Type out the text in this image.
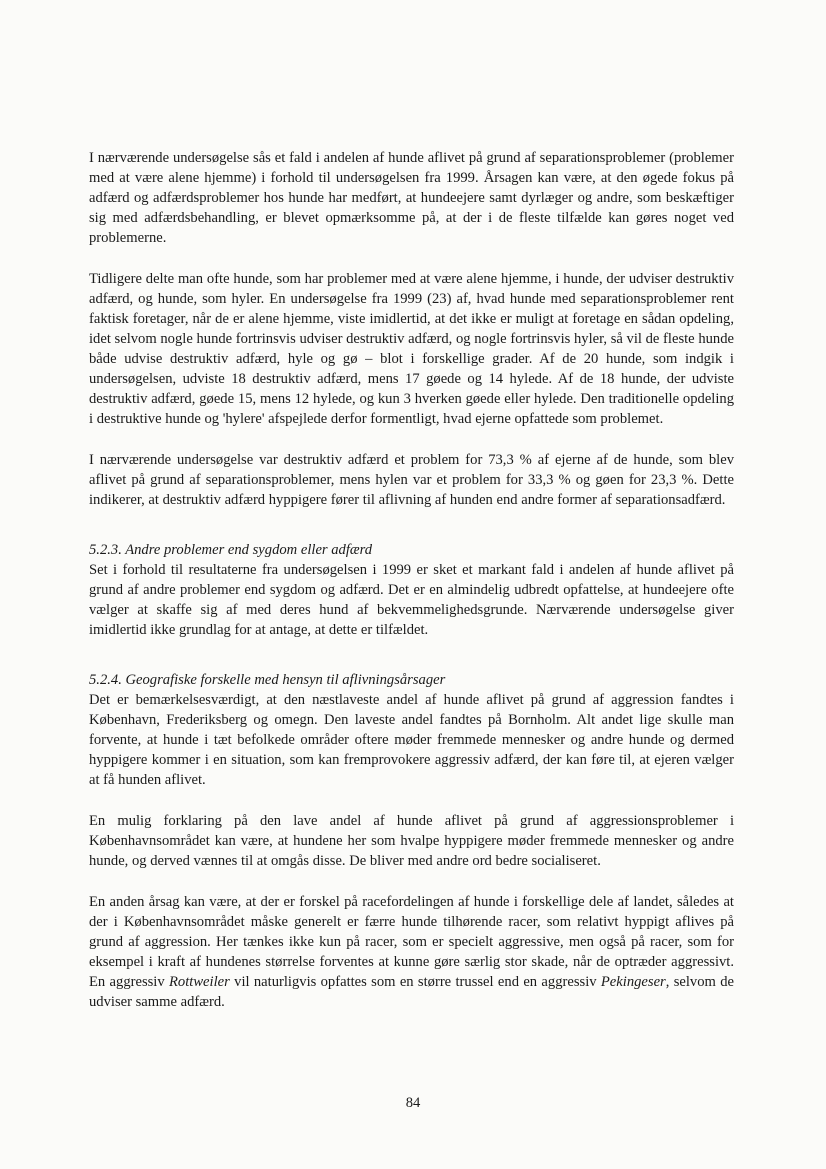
I nærværende undersøgelse sås et fald i andelen af hunde aflivet på grund af separationsproblemer (problemer med at være alene hjemme) i forhold til undersøgelsen fra 1999. Årsagen kan være, at den øgede fokus på adfærd og adfærdsproblemer hos hunde har medført, at hundeejere samt dyrlæger og andre, som beskæftiger sig med adfærdsbehandling, er blevet opmærksomme på, at der i de fleste tilfælde kan gøres noget ved problemerne.

Tidligere delte man ofte hunde, som har problemer med at være alene hjemme, i hunde, der udviser destruktiv adfærd, og hunde, som hyler. En undersøgelse fra 1999 (23) af, hvad hunde med separationsproblemer rent faktisk foretager, når de er alene hjemme, viste imidlertid, at det ikke er muligt at foretage en sådan opdeling, idet selvom nogle hunde fortrinsvis udviser destruktiv adfærd, og nogle fortrinsvis hyler, så vil de fleste hunde både udvise destruktiv adfærd, hyle og gø – blot i forskellige grader. Af de 20 hunde, som indgik i undersøgelsen, udviste 18 destruktiv adfærd, mens 17 gøede og 14 hylede. Af de 18 hunde, der udviste destruktiv adfærd, gøede 15, mens 12 hylede, og kun 3 hverken gøede eller hylede. Den traditionelle opdeling i destruktive hunde og 'hylere' afspejlede derfor formentligt, hvad ejerne opfattede som problemet.

I nærværende undersøgelse var destruktiv adfærd et problem for 73,3 % af ejerne af de hunde, som blev aflivet på grund af separationsproblemer, mens hylen var et problem for 33,3 % og gøen for 23,3 %. Dette indikerer, at destruktiv adfærd hyppigere fører til aflivning af hunden end andre former af separationsadfærd.

5.2.3. Andre problemer end sygdom eller adfærd

Set i forhold til resultaterne fra undersøgelsen i 1999 er sket et markant fald i andelen af hunde aflivet på grund af andre problemer end sygdom og adfærd. Det er en almindelig udbredt opfattelse, at hundeejere ofte vælger at skaffe sig af med deres hund af bekvemmelighedsgrunde. Nærværende undersøgelse giver imidlertid ikke grundlag for at antage, at dette er tilfældet.

5.2.4. Geografiske forskelle med hensyn til aflivningsårsager

Det er bemærkelsesværdigt, at den næstlaveste andel af hunde aflivet på grund af aggression fandtes i København, Frederiksberg og omegn. Den laveste andel fandtes på Bornholm. Alt andet lige skulle man forvente, at hunde i tæt befolkede områder oftere møder fremmede mennesker og andre hunde og dermed hyppigere kommer i en situation, som kan fremprovokere aggressiv adfærd, der kan føre til, at ejeren vælger at få hunden aflivet.

En mulig forklaring på den lave andel af hunde aflivet på grund af aggressionsproblemer i Københavnsområdet kan være, at hundene her som hvalpe hyppigere møder fremmede mennesker og andre hunde, og derved vænnes til at omgås disse. De bliver med andre ord bedre socialiseret.

En anden årsag kan være, at der er forskel på racefordelingen af hunde i forskellige dele af landet, således at der i Københavnsområdet måske generelt er færre hunde tilhørende racer, som relativt hyppigt aflives på grund af aggression. Her tænkes ikke kun på racer, som er specielt aggressive, men også på racer, som for eksempel i kraft af hundenes størrelse forventes at kunne gøre særlig stor skade, når de optræder aggressivt. En aggressiv Rottweiler vil naturligvis opfattes som en større trussel end en aggressiv Pekingeser, selvom de udviser samme adfærd.

84
